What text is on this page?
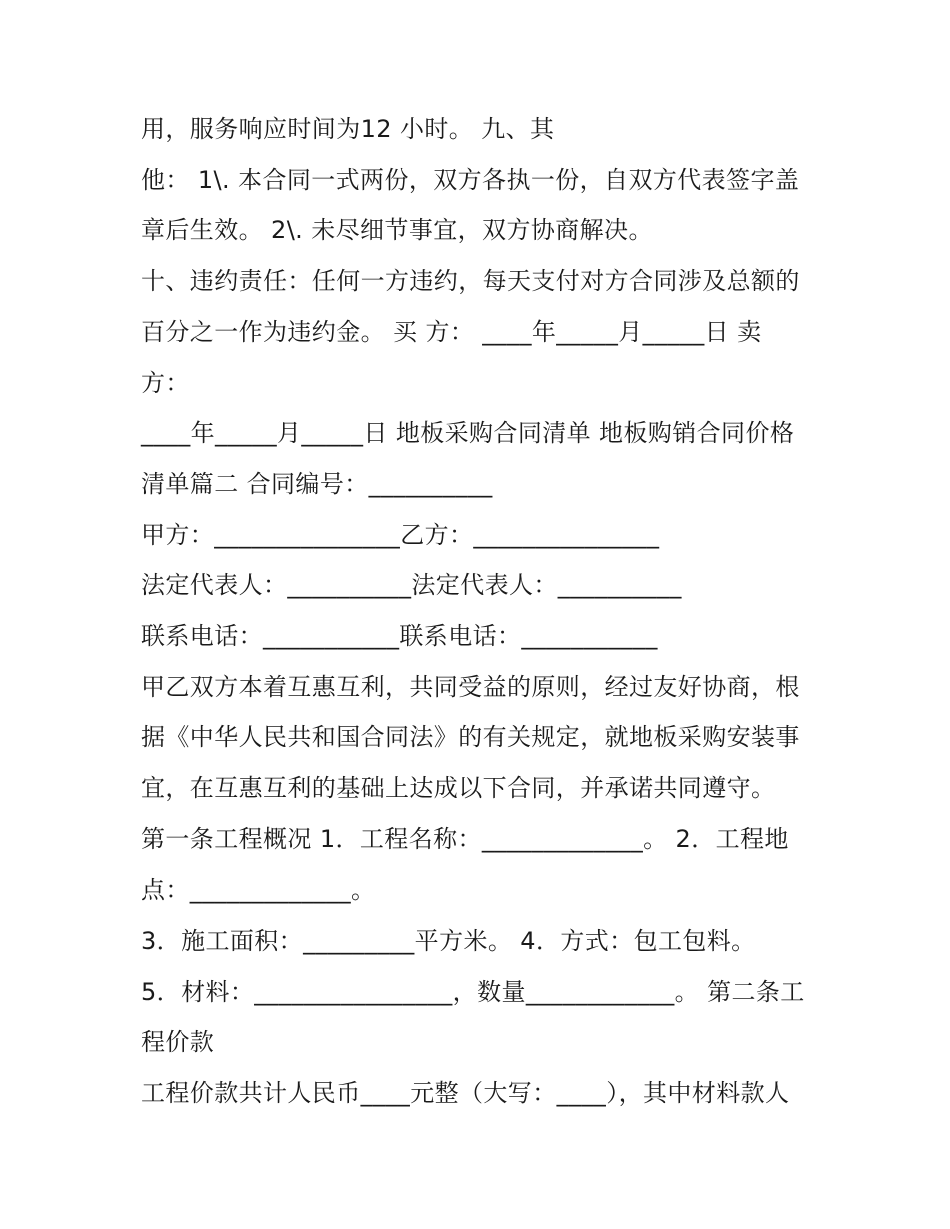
用，服务响应时间为12 小时。 九、其
他： 1\. 本合同一式两份，双方各执一份，自双方代表签字盖
章后生效。 2\. 未尽细节事宜，双方协商解决。
十、违约责任：任何一方违约，每天支付对方合同涉及总额的
百分之一作为违约金。 买 方： ____年_____月_____日 卖
方：
____年_____月_____日 地板采购合同清单 地板购销合同价格
清单篇二 合同编号：__________
甲方：_______________乙方：_______________
法定代表人：__________法定代表人：__________
联系电话：___________联系电话：___________
甲乙双方本着互惠互利，共同受益的原则，经过友好协商，根
据《中华人民共和国合同法》的有关规定，就地板采购安装事
宜，在互惠互利的基础上达成以下合同，并承诺共同遵守。
第一条工程概况 1．工程名称：_____________。 2．工程地
点：_____________。
3．施工面积：_________平方米。 4．方式：包工包料。
5．材料：________________，数量____________。 第二条工
程价款
工程价款共计人民币____元整（大写：____），其中材料款人
